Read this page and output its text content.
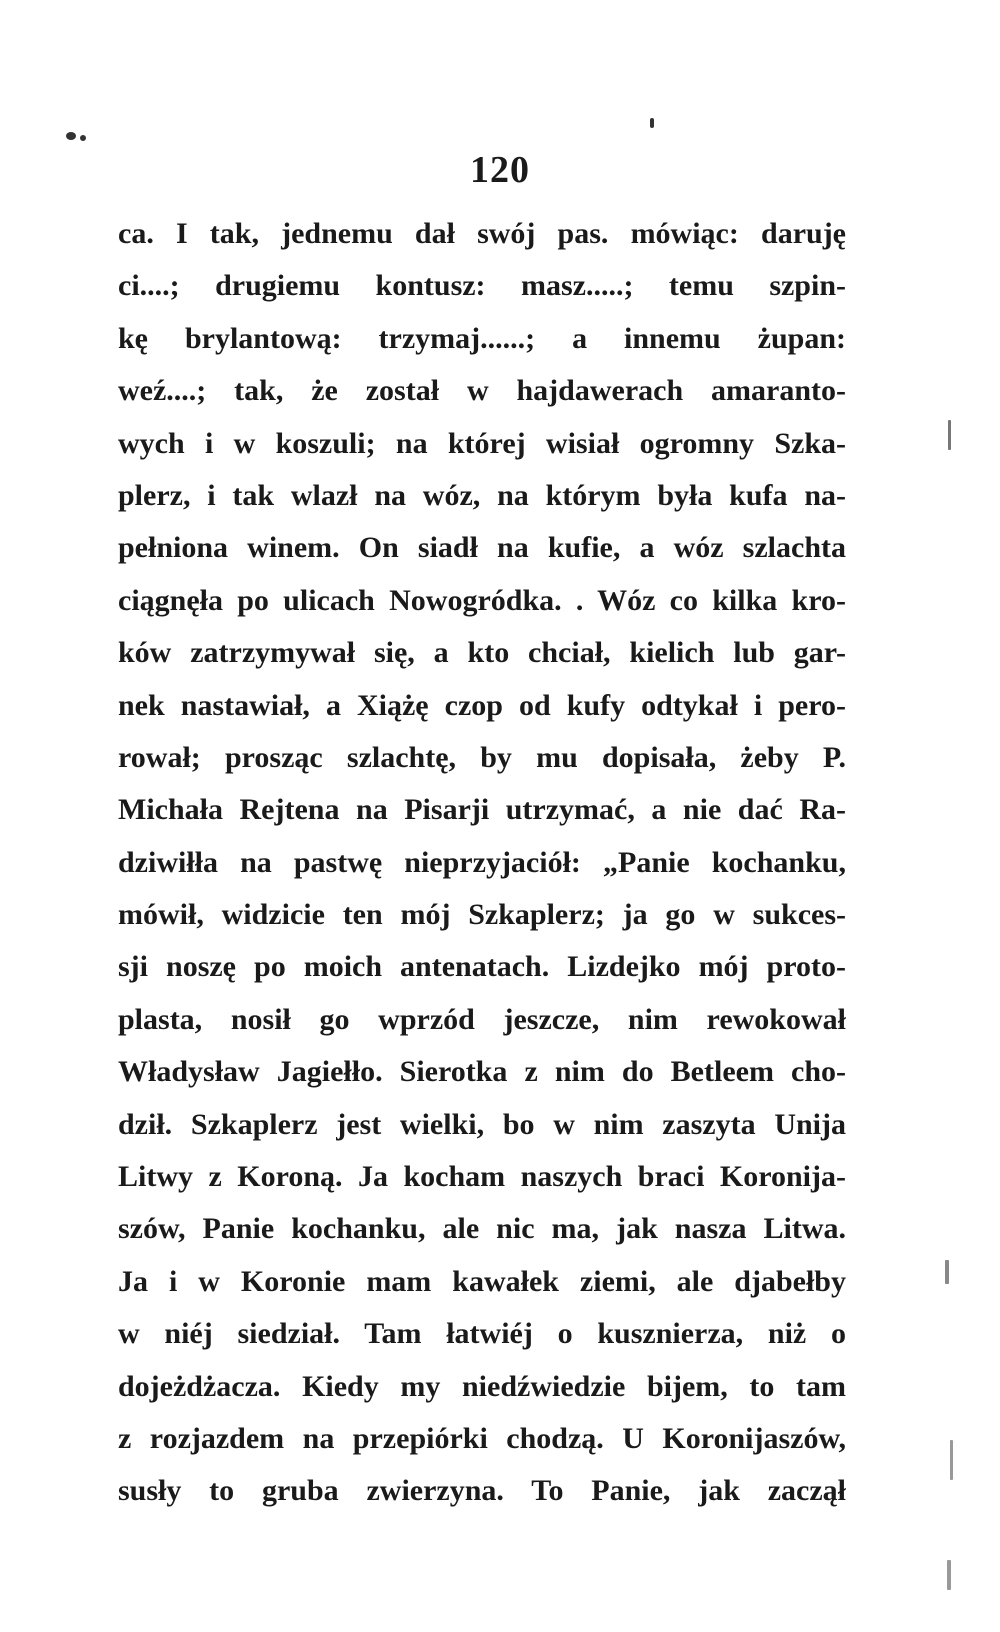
120
ca. I tak, jednemu dał swój pas. mówiąc: daruję
ci....; drugiemu kontusz: masz.....; temu szpin-
kę brylantową: trzymaj......; a innemu żupan:
weź....; tak, że został w hajdawerach amaranto-
wych i w koszuli; na której wisiał ogromny Szka-
plerz, i tak wlazł na wóz, na którym była kufa na-
pełniona winem. On siadł na kufie, a wóz szlachta
ciągnęła po ulicach Nowogródka. . Wóz co kilka kro-
ków zatrzymywał się, a kto chciał, kielich lub gar-
nek nastawiał, a Xiążę czop od kufy odtykał i pero-
rował; prosząc szlachtę, by mu dopisała, żeby P.
Michała Rejtena na Pisarji utrzymać, a nie dać Ra-
dziwiłła na pastwę nieprzyjaciół: „Panie kochanku,
mówił, widzicie ten mój Szkaplerz; ja go w sukces-
sji noszę po moich antenatach. Lizdejko mój proto-
plasta, nosił go wprzód jeszcze, nim rewokował
Władysław Jagiełło. Sierotka z nim do Betleem cho-
dził. Szkaplerz jest wielki, bo w nim zaszyta Unija
Litwy z Koroną. Ja kocham naszych braci Koronija-
szów, Panie kochanku, ale nic ma, jak nasza Litwa.
Ja i w Koronie mam kawałek ziemi, ale djabełby
w niéj siedział. Tam łatwiéj o kusznierza, niż o
dojeżdżacza. Kiedy my niedźwiedzie bijem, to tam
z rozjazdem na przepiórki chodzą. U Koronijaszów,
susły to gruba zwierzyna. To Panie, jak zaczął
